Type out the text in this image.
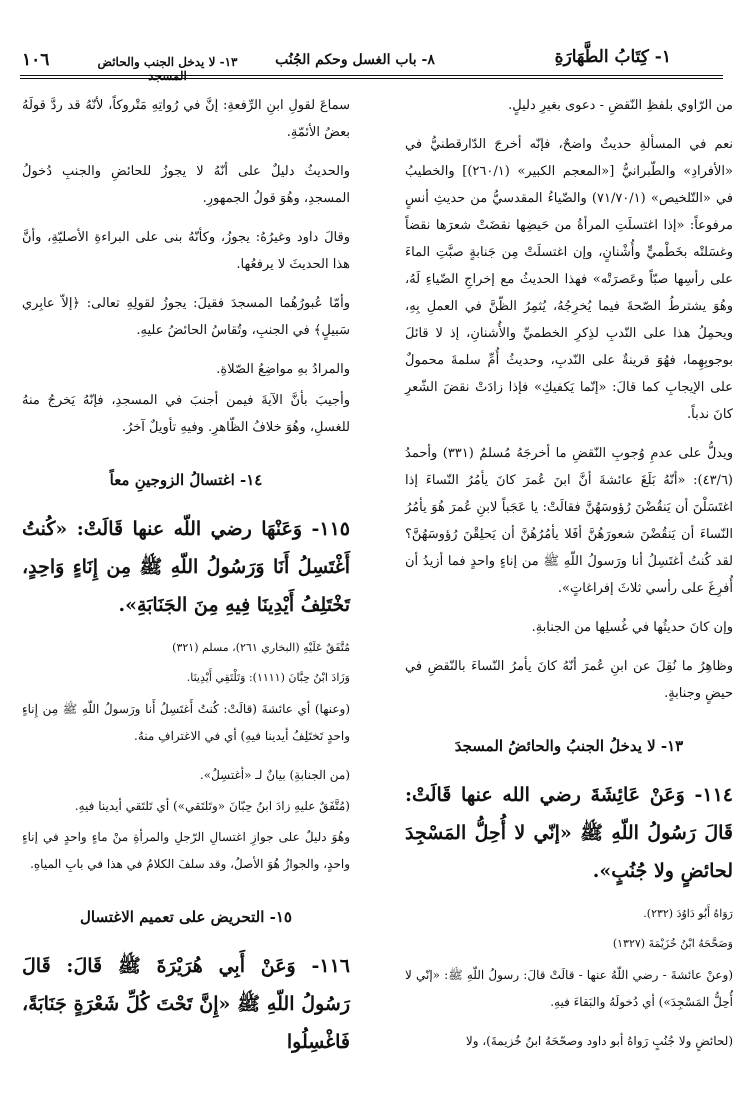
١- كِتَابُ الطَّهَارَةِ
٨- باب الغسل وحكم الجُنُب
١٣- لا يدخل الجنب والحائض المسجد
١٠٦

من الرّاوي بلفظِ النّقضِ - دعوى بغيرِ دليلٍ.

نعم في المسألةِ حديثٌ واضحٌ، فإنّه أخرجَ الدّارقطنيُّ في «الأفرادِ» والطّبرانيُّ [«المعجم الكبير» (٢٦٠/١)] والخطيبُ في «التّلخيص» (٧١/٧٠/١) والضّياءُ المقدسيُّ من حديثِ أنسٍ مرفوعاً: «إذا اغتسلَتِ المرأةُ من حَيضِها نقضَتْ شعرَها نقضاً وغسَلتْه بخَطْميٍّ وأُشْنانٍ، وإن اغتسلَتْ مِن جَنابةٍ صبَّتِ الماءَ على رأسِها صبّاً وعَصرَتْه» فهذا الحديثُ مع إخراجِ الضّياءِ لَهُ، وهُوَ يشترطُ الصّحةَ فيما يُخرِجُهُ، يُثمِرُ الظّنَّ في العملِ بِهِ، ويحمِلُ هذا على النّدبِ لذِكرِ الخطميِّ والأُشنانِ، إذ لا قائلَ بوجوبِهِما، فهُوَ قرينةٌ على النّدبِ، وحديثُ أُمِّ سلمةَ محمولٌ على الإيجابِ كما قالَ: «إنّما يَكفيكِ» فإذا زادَتْ نقضَ الشّعرِ كانَ ندباً.

ويدلُّ على عدمِ وُجوبِ النّقضِ ما أخرجَهُ مُسلمٌ (٣٣١) وأحمدُ (٤٣/٦): «أنّهُ بَلَغَ عائشةَ أنَّ ابنَ عُمرَ كانَ يأمُرُ النّساءَ إذا اغتَسَلْنَ أن يَنقُضْنَ رُؤوسَهُنَّ فقالَتْ: يا عَجَباً لابنِ عُمرَ هُوَ يأمُرُ النّساءَ أن يَنقُضْنَ شعورَهُنَّ أفَلا يأمُرُهُنَّ أن يَحلِقْنَ رُؤوسَهُنَّ؟ لقد كُنتُ أغتَسِلُ أنا ورَسولُ اللّهِ ﷺ من إناءٍ واحدٍ فما أزيدُ أن أُفرِغَ على رأسي ثلاثَ إفراغاتٍ».

وإن كانَ حديثُها في غُسلِها من الجنابةِ.

وظاهِرُ ما نُقِلَ عن ابنِ عُمرَ أنّهُ كانَ يأمرُ النّساءَ بالنّقضِ في حيضٍ وجنابةٍ.

١٣- لا يدخلُ الجنبُ والحائضُ المسجدَ
١١٤- وَعَنْ عَائِشَةَ رضي الله عنها قَالَتْ: قَالَ رَسُولُ اللّهِ ﷺ «إنّي لا أُحِلُّ المَسْجِدَ لحائضٍ ولا جُنُبٍ».
رَوَاهُ أَبُو دَاوُدَ (٢٣٢).
وَصَحَّحَهُ ابْنُ خُزَيْمَةَ (١٣٢٧)

(وعنْ عائشةَ - رضي اللّهُ عنها - قالَتْ قالَ: رسولُ اللّهِ ﷺ: «إنّي لا أُحِلُّ المَسْجِدَ») أي دُخولَهُ والبَقاءَ فيهِ.

(لحائضٍ ولا جُنُبٍ رَواهُ أبو داود وصحّحَهُ ابنُ خُزيمةَ)، ولا

سماعَ لقولِ ابنِ الرِّفعةِ: إنَّ في رُواتِهِ مَتْروكاً، لأنّهُ قد ردَّ قولَهُ بعضُ الأئمّةِ.

والحديثُ دليلٌ على أنّهُ لا يجوزُ للحائضِ والجنبِ دُخولُ المسجدِ، وهُوَ قولُ الجمهورِ.

وقالَ داود وغيرُهُ: يجوزُ، وكأنّهُ بنى على البراءةِ الأصليّةِ، وأنَّ هذا الحديثَ لا يرفعُها.

وأمّا عُبورُهُما المسجدَ فقيلَ: يجوزُ لقولِهِ تعالى: ﴿إلاّ عابِري سَبيلٍ﴾ في الجنبِ، وتُقاسُ الحائضُ عليهِ.

والمرادُ بهِ مواضِعُ الصّلاةِ.

وأجيبَ بأنَّ الآيةَ فيمن أجنبَ في المسجدِ، فإنّهُ يَخرجُ منهُ للغسلِ، وهُوَ خلافُ الظّاهرِ. وفيهِ تأويلٌ آخرُ.

١٤- اغتسالُ الزوجينِ معاً
١١٥- وَعَنْهَا رضي اللّه عنها قَالَتْ: «كُنتُ أَغْتَسِلُ أَنَا وَرَسُولُ اللّهِ ﷺ مِن إِنَاءٍ وَاحِدٍ، تَخْتَلِفُ أَيْدِينَا فِيهِ مِنَ الجَنَابَةِ».
مُتَّفَقٌ عَلَيْهِ (البخاري ٢٦١)، مسلم (٣٢١)
وَزَادَ ابْنُ حِبَّانَ (١١١١): وَتَلْتَقِي أَيْدِينَا.

(وعنها) أي عائشةَ (قالَتْ: كُنتُ أَغتَسِلُ أَنا ورَسولُ اللّهِ ﷺ مِن إِناءٍ واحدٍ تَختَلِفُ أيدينا فيهِ) أي في الاغترافِ منهُ.

(من الجنابةِ) بيانٌ لـ «أغتسِلُ».

(مُتَّفَقٌ عليهِ زادَ ابنُ حِبّانَ «وتَلتَقي») أي تَلتَقي أيدينا فيهِ.

وهُوَ دليلٌ على جوازِ اغتسالِ الرّجلِ والمرأةِ منْ ماءٍ واحدٍ في إناءٍ واحدٍ، والجوازُ هُوَ الأصلُ، وقد سلفَ الكلامُ في هذا في بابِ المياهِ.

١٥- التحريض على تعميم الاغتسال
١١٦- وَعَنْ أَبِي هُرَيْرَةَ ﷺ قَالَ: قَالَ رَسُولُ اللّهِ ﷺ «إِنَّ تَحْتَ كُلِّ شَعْرَةٍ جَنَابَةً، فَاغْسِلُوا
